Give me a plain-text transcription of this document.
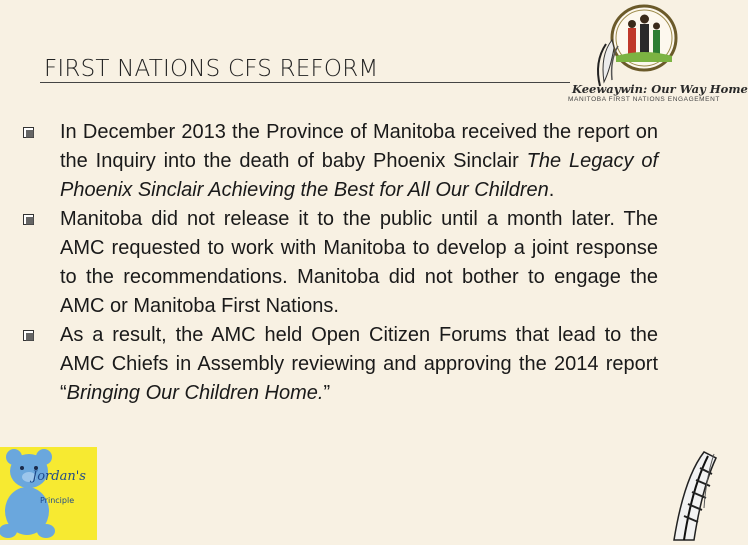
FIRST NATIONS CFS REFORM
Keewaywin: Our Way Home
MANITOBA FIRST NATIONS ENGAGEMENT
In December 2013 the Province of Manitoba received the report on the Inquiry into the death of baby Phoenix Sinclair The Legacy of Phoenix Sinclair Achieving the Best for All Our Children.
Manitoba did not release it to the public until a month later. The AMC requested to work with Manitoba to develop a joint response to the recommendations. Manitoba did not bother to engage the AMC or Manitoba First Nations.
As a result, the AMC held Open Citizen Forums that lead to the AMC Chiefs in Assembly reviewing and approving the 2014 report “Bringing Our Children Home.”
Jordan's
Principle
